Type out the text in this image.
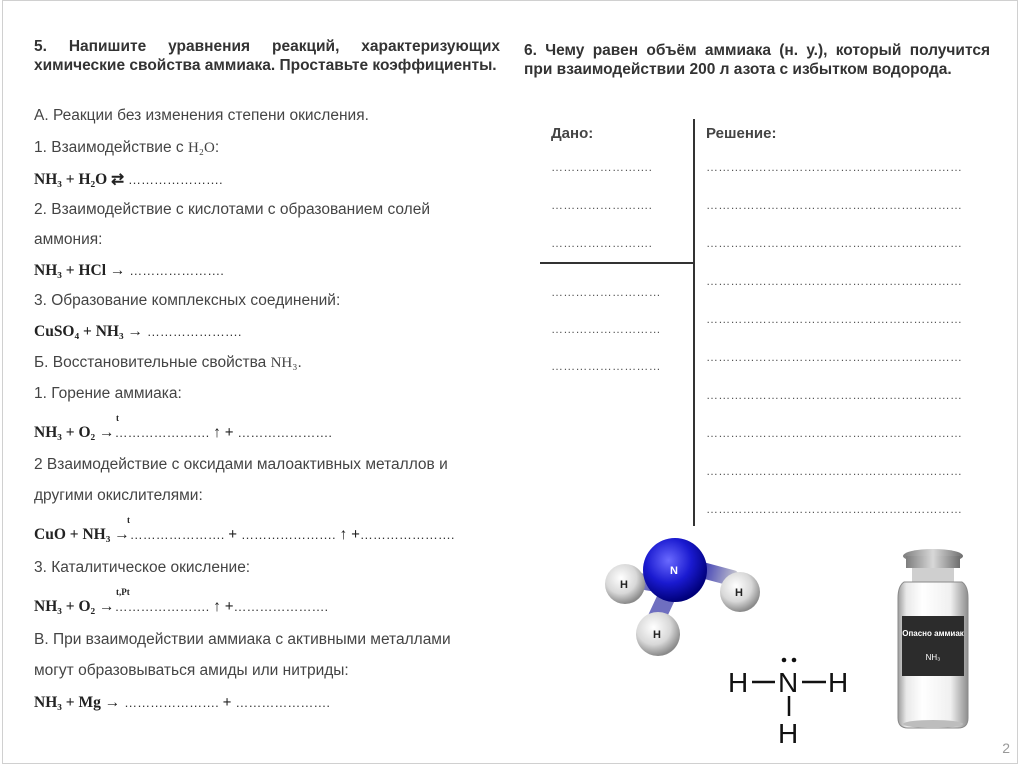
5. Напишите уравнения реакций, характеризующих химические свойства аммиака. Проставьте коэффициенты.
А. Реакции без изменения степени окисления.
1. Взаимодействие с H₂O:
NH₃ + H₂O ⇄ ………………….
2. Взаимодействие с кислотами с образованием солей
аммония:
NH₃ + HCl → ………………….
3. Образование комплексных соединений:
CuSO₄ + NH₃ → ………………….
Б. Восстановительные свойства NH₃.
1. Горение аммиака:
NH₃ + O₂ →…………………. ↑ + ………………….
t
2 Взаимодействие с оксидами малоактивных металлов и
другими окислителями:
CuO + NH₃ →…………………. + …………………. ↑ +………………….
t
3. Каталитическое окисление:
NH₃ + O₂ →…………………. ↑ +………………….
t,Pt
В. При взаимодействии аммиака с активными металлами
могут образовываться амиды или нитриды:
NH₃ + Mg → …………………. + ………………….
6. Чему равен объём аммиака (н. у.), который получится при взаимодействии 200 л азота с избытком водорода.
Дано:	Решение:
…………………….
…………………….
…………………….
………………………
………………………
………………………
………………………………………………………
………………………………………………………
………………………………………………………
………………………………………………………
………………………………………………………
………………………………………………………
………………………………………………………
………………………………………………………
………………………………………………………
………………………………………………………
N
H
H
H
H N H
H
Опасно аммиак
NH₃
2
